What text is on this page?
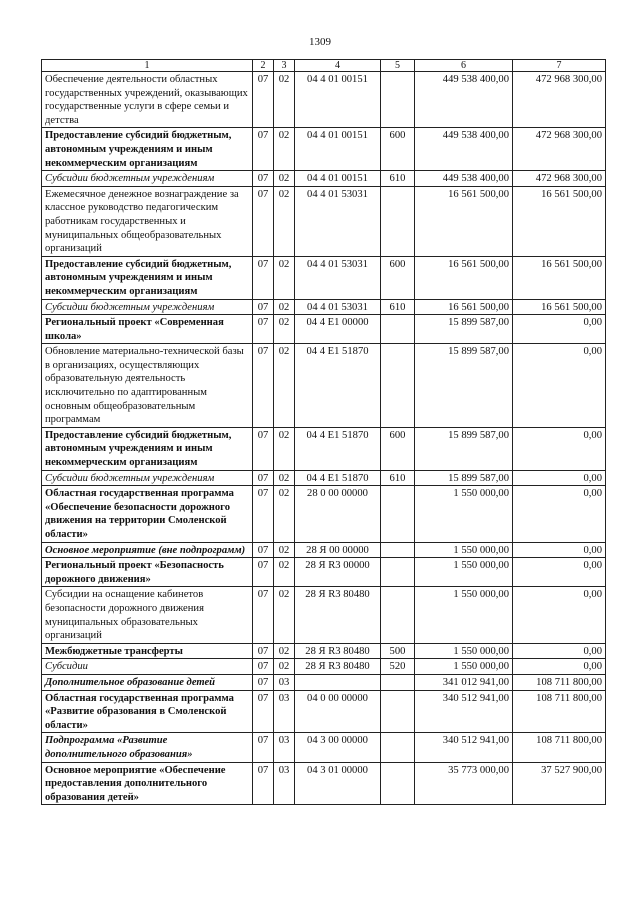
1309
1	2	3	4	5	6	7
Обеспечение деятельности областных государственных учреждений, оказывающих государственные услуги в сфере семьи и детства	07	02	04 4 01 00151		449 538 400,00	472 968 300,00
Предоставление субсидий бюджетным, автономным учреждениям и иным некоммерческим организациям	07	02	04 4 01 00151	600	449 538 400,00	472 968 300,00
Субсидии бюджетным учреждениям	07	02	04 4 01 00151	610	449 538 400,00	472 968 300,00
Ежемесячное денежное вознаграждение за классное руководство педагогическим работникам государственных и муниципальных общеобразовательных организаций	07	02	04 4 01 53031		16 561 500,00	16 561 500,00
Предоставление субсидий бюджетным, автономным учреждениям и иным некоммерческим организациям	07	02	04 4 01 53031	600	16 561 500,00	16 561 500,00
Субсидии бюджетным учреждениям	07	02	04 4 01 53031	610	16 561 500,00	16 561 500,00
Региональный проект «Современная школа»	07	02	04 4 E1 00000		15 899 587,00	0,00
Обновление материально-технической базы в организациях, осуществляющих образовательную деятельность исключительно по адаптированным основным общеобразовательным программам	07	02	04 4 E1 51870		15 899 587,00	0,00
Предоставление субсидий бюджетным, автономным учреждениям и иным некоммерческим организациям	07	02	04 4 E1 51870	600	15 899 587,00	0,00
Субсидии бюджетным учреждениям	07	02	04 4 E1 51870	610	15 899 587,00	0,00
Областная государственная программа «Обеспечение безопасности дорожного движения на территории Смоленской области»	07	02	28 0 00 00000		1 550 000,00	0,00
Основное мероприятие (вне подпрограмм)	07	02	28 Я 00 00000		1 550 000,00	0,00
Региональный проект «Безопасность дорожного движения»	07	02	28 Я R3 00000		1 550 000,00	0,00
Субсидии на оснащение кабинетов безопасности дорожного движения муниципальных образовательных организаций	07	02	28 Я R3 80480		1 550 000,00	0,00
Межбюджетные трансферты	07	02	28 Я R3 80480	500	1 550 000,00	0,00
Субсидии	07	02	28 Я R3 80480	520	1 550 000,00	0,00
Дополнительное образование детей	07	03			341 012 941,00	108 711 800,00
Областная государственная программа «Развитие образования в Смоленской области»	07	03	04 0 00 00000		340 512 941,00	108 711 800,00
Подпрограмма «Развитие дополнительного образования»	07	03	04 3 00 00000		340 512 941,00	108 711 800,00
Основное мероприятие «Обеспечение предоставления дополнительного образования детей»	07	03	04 3 01 00000		35 773 000,00	37 527 900,00
